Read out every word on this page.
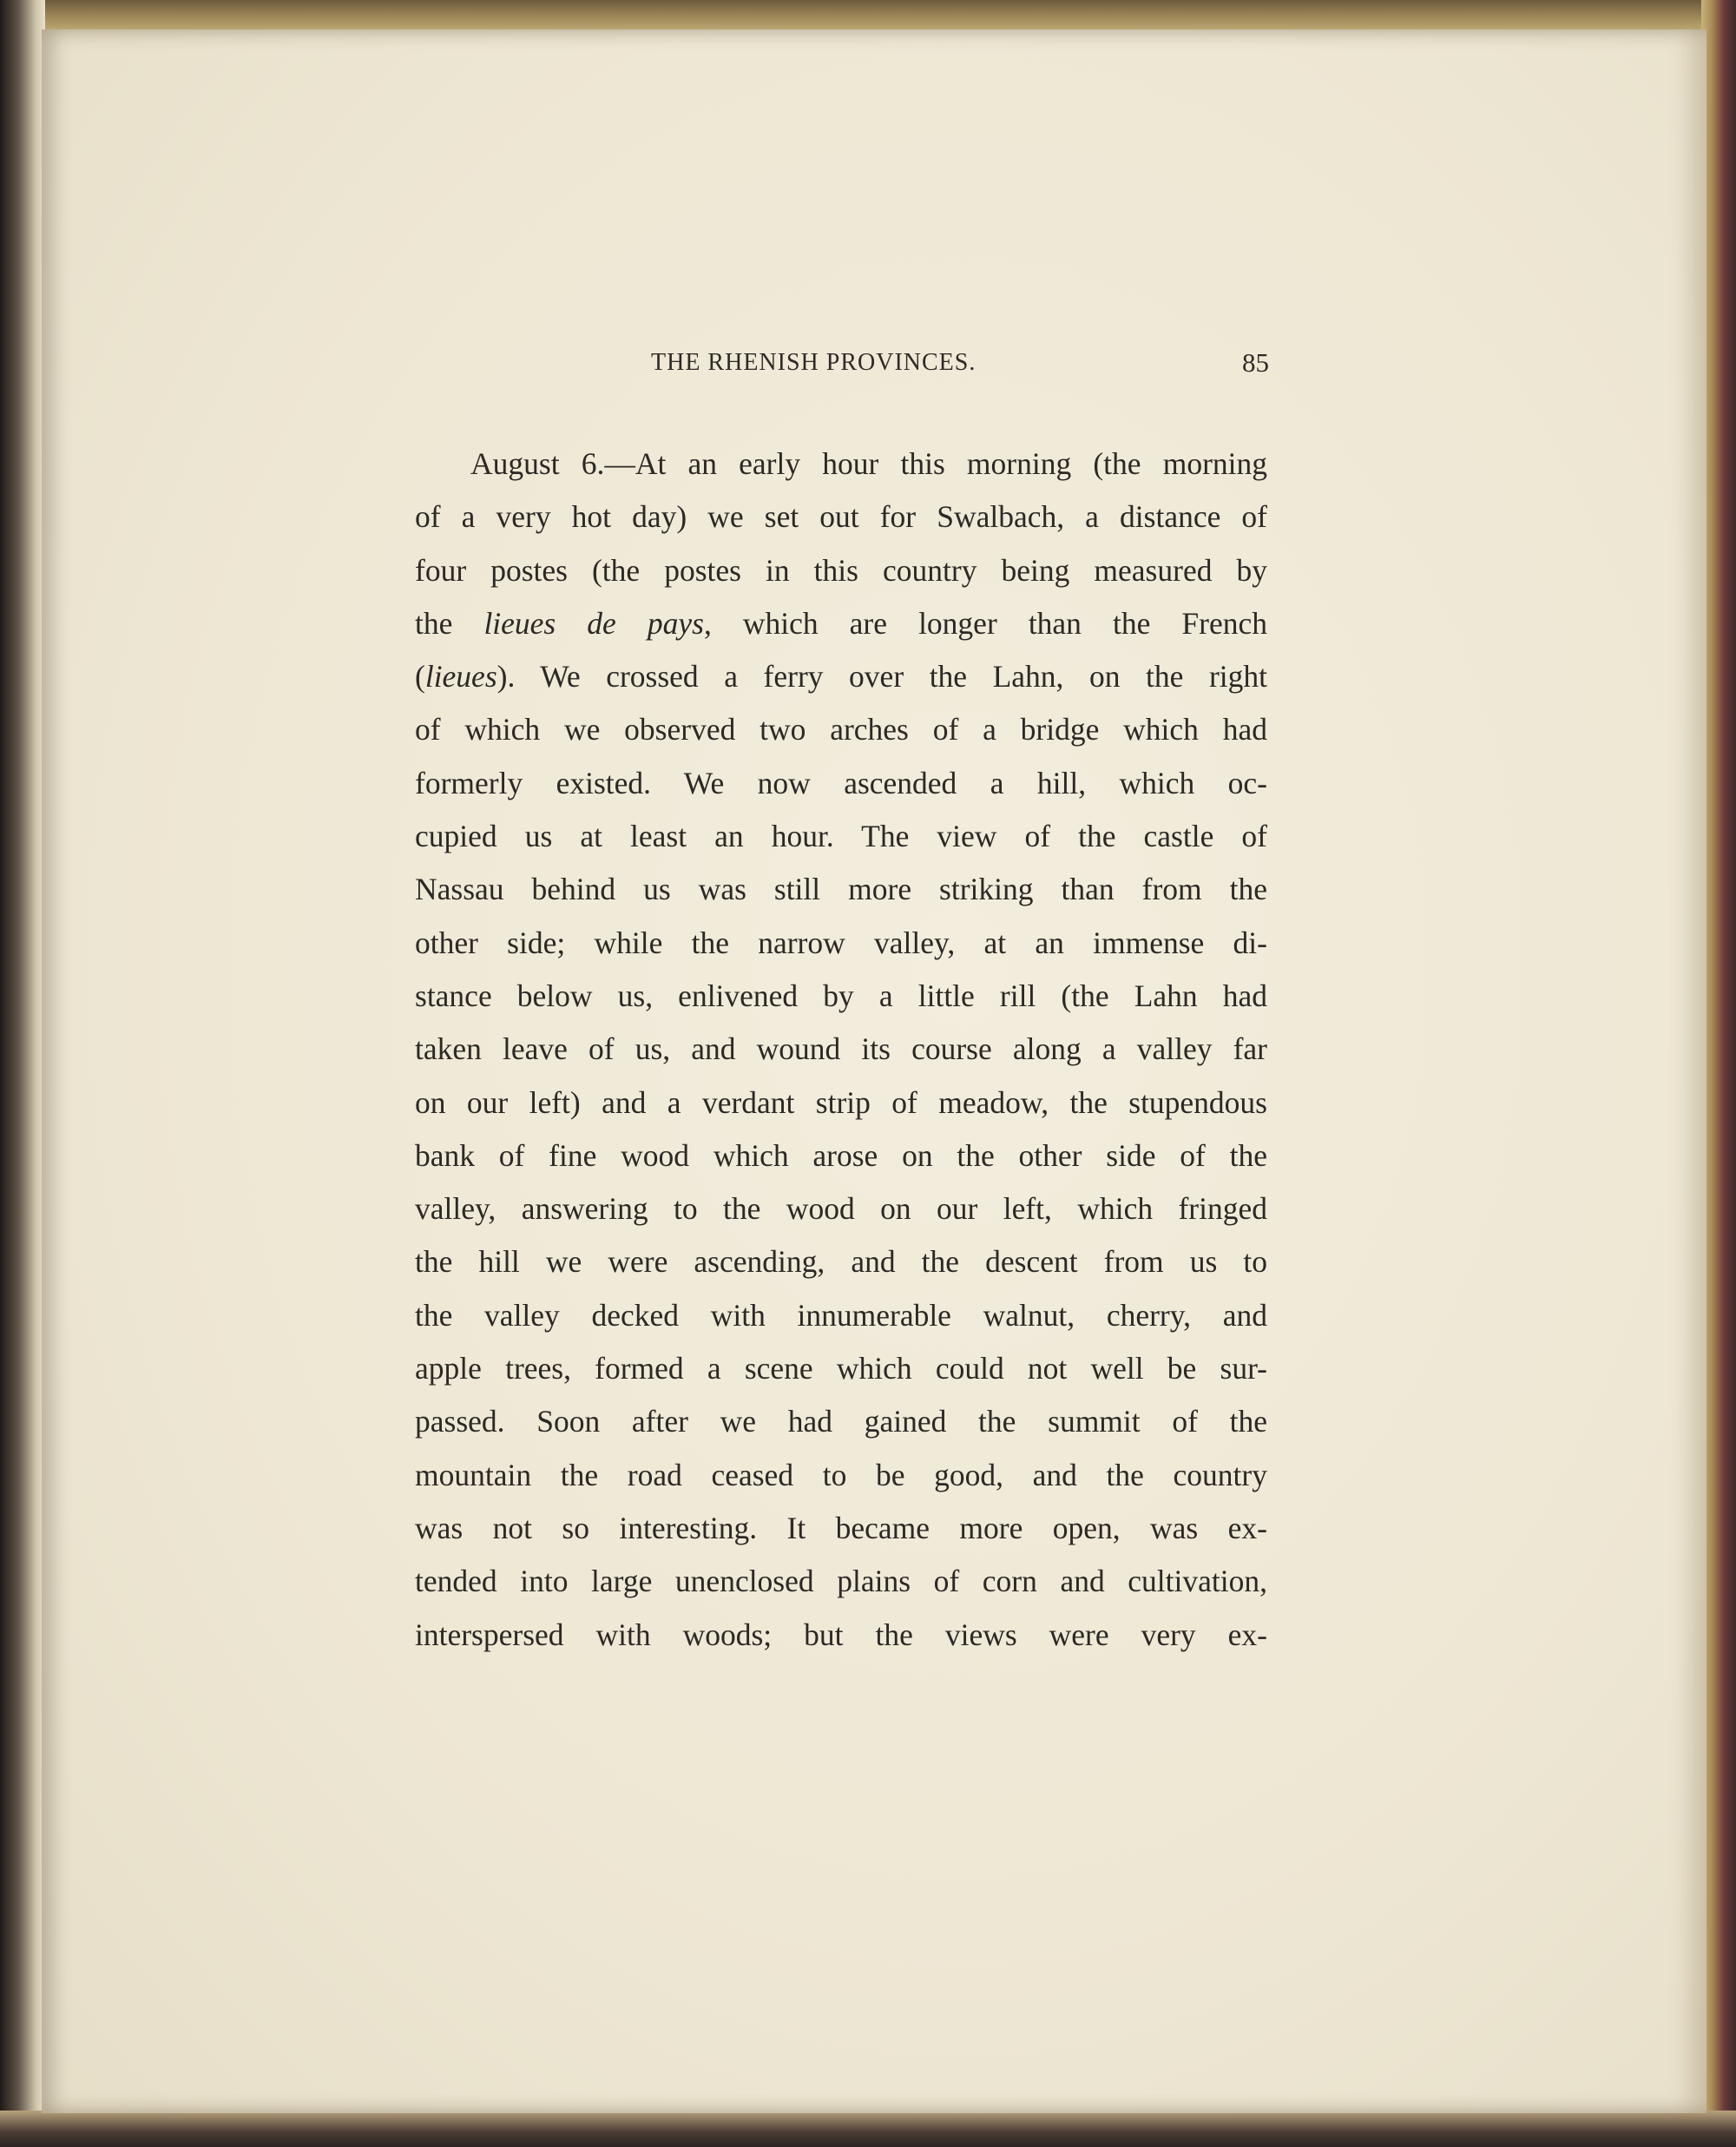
THE RHENISH PROVINCES.	85
August 6.—At an early hour this morning (the morning
of a very hot day) we set out for Swalbach, a distance of
four postes (the postes in this country being measured by
the lieues de pays, which are longer than the French
(lieues). We crossed a ferry over the Lahn, on the right
of which we observed two arches of a bridge which had
formerly existed. We now ascended a hill, which oc-
cupied us at least an hour. The view of the castle of
Nassau behind us was still more striking than from the
other side; while the narrow valley, at an immense di-
stance below us, enlivened by a little rill (the Lahn had
taken leave of us, and wound its course along a valley far
on our left) and a verdant strip of meadow, the stupendous
bank of fine wood which arose on the other side of the
valley, answering to the wood on our left, which fringed
the hill we were ascending, and the descent from us to
the valley decked with innumerable walnut, cherry, and
apple trees, formed a scene which could not well be sur-
passed. Soon after we had gained the summit of the
mountain the road ceased to be good, and the country
was not so interesting. It became more open, was ex-
tended into large unenclosed plains of corn and cultivation,
interspersed with woods; but the views were very ex-
